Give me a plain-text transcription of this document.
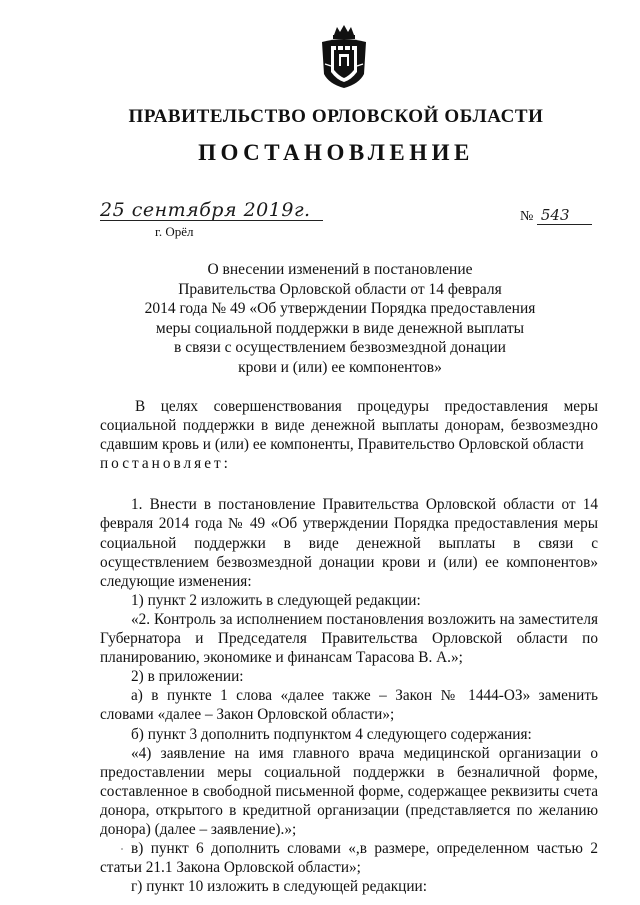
ПРАВИТЕЛЬСТВО ОРЛОВСКОЙ ОБЛАСТИ
ПОСТАНОВЛЕНИЕ
25 сентября 2019г.
г. Орёл
№ 543
О внесении изменений в постановление
Правительства Орловской области от 14 февраля
2014 года № 49 «Об утверждении Порядка предоставления
меры социальной поддержки в виде денежной выплаты
в связи с осуществлением безвозмездной донации
крови и (или) ее компонентов»

В целях совершенствования процедуры предоставления меры социальной поддержки в виде денежной выплаты донорам, безвозмездно сдавшим кровь и (или) ее компоненты, Правительство Орловской области

постановляет:

1. Внести в постановление Правительства Орловской области от 14 февраля 2014 года № 49 «Об утверждении Порядка предоставления меры социальной поддержки в виде денежной выплаты в связи с осуществлением безвозмездной донации крови и (или) ее компонентов» следующие изменения:

1) пункт 2 изложить в следующей редакции:

«2. Контроль за исполнением постановления возложить на заместителя Губернатора и Председателя Правительства Орловской области по планированию, экономике и финансам Тарасова В. А.»;

2) в приложении:

а) в пункте 1 слова «далее также – Закон № 1444-ОЗ» заменить словами «далее – Закон Орловской области»;

б) пункт 3 дополнить подпунктом 4 следующего содержания:

«4) заявление на имя главного врача медицинской организации о предоставлении меры социальной поддержки в безналичной форме, составленное в свободной письменной форме, содержащее реквизиты счета донора, открытого в кредитной организации (представляется по желанию донора) (далее – заявление).»;

в) пункт 6 дополнить словами «,в размере, определенном частью 2 статьи 21.1 Закона Орловской области»;

г) пункт 10 изложить в следующей редакции:
